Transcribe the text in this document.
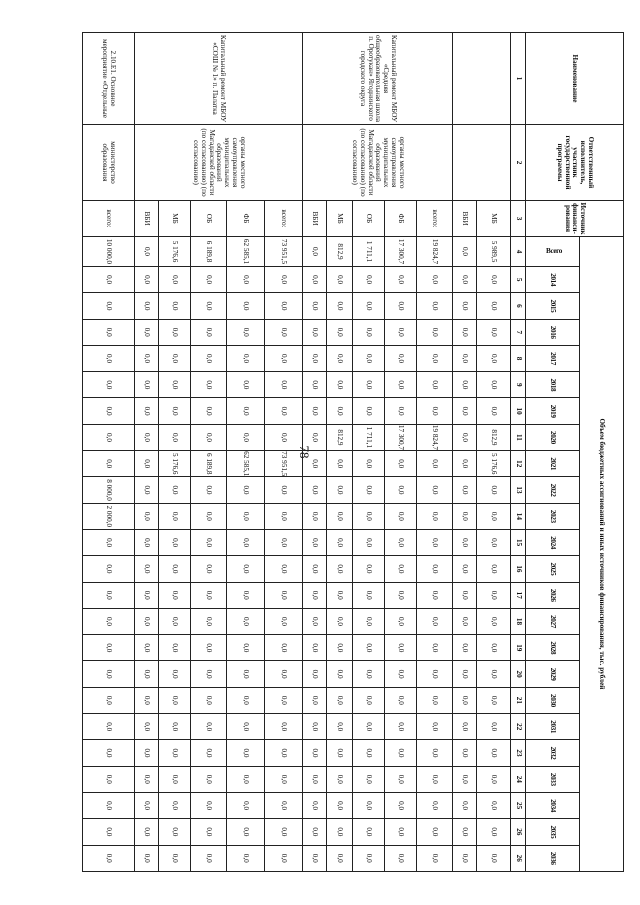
78
Наименование	Ответственный исполнитель, участник государственной программы	Источник финанси-рования	Объем бюджетных ассигнований и иных источников финансирования, тыс. рублей																							
			Всего	2014	2015	2016	2017	2018	2019	2020	2021	2022	2023	2024	2025	2026	2027	2028	2029	2030	2031	2032	2033	2034	2035	2036
1	2	3	4	5	6	7	8	9	10	11	12	13	14	15	16	17	18	19	20	21	22	23	24	25	26	26
		МБ	5 989,5	0,0	0,0	0,0	0,0	0,0	0,0	812,9	5 176,6	0,0	0,0	0,0	0,0	0,0	0,0	0,0	0,0	0,0	0,0	0,0	0,0	0,0	0,0	0,0
		ВБИ	0,0	0,0	0,0	0,0	0,0	0,0	0,0	0,0	0,0	0,0	0,0	0,0	0,0	0,0	0,0	0,0	0,0	0,0	0,0	0,0	0,0	0,0	0,0	0,0
Капитальный ремонт МБОУ «Средняя общеобразовательная школа п. Оротукан» Ягоднинского городского округа	органы местного самоуправления муниципальных образований Магаданской области (по согласованию) (по согласованию)	всего:	19 824,7	0,0	0,0	0,0	0,0	0,0	0,0	19 824,7	0,0	0,0	0,0	0,0	0,0	0,0	0,0	0,0	0,0	0,0	0,0	0,0	0,0	0,0	0,0	0,0
		ФБ	17 300,7	0,0	0,0	0,0	0,0	0,0	0,0	17 300,7	0,0	0,0	0,0	0,0	0,0	0,0	0,0	0,0	0,0	0,0	0,0	0,0	0,0	0,0	0,0	0,0
		ОБ	1 711,1	0,0	0,0	0,0	0,0	0,0	0,0	1 711,1	0,0	0,0	0,0	0,0	0,0	0,0	0,0	0,0	0,0	0,0	0,0	0,0	0,0	0,0	0,0	0,0
		МБ	812,9	0,0	0,0	0,0	0,0	0,0	0,0	812,9	0,0	0,0	0,0	0,0	0,0	0,0	0,0	0,0	0,0	0,0	0,0	0,0	0,0	0,0	0,0	0,0
		ВБИ	0,0	0,0	0,0	0,0	0,0	0,0	0,0	0,0	0,0	0,0	0,0	0,0	0,0	0,0	0,0	0,0	0,0	0,0	0,0	0,0	0,0	0,0	0,0	0,0
Капитальный ремонт МБОУ «СОШ № 1» п. Палатка	органы местного самоуправления муниципальных образований Магаданской области (по согласованию) (по согласованию)	всего:	73 951,5	0,0	0,0	0,0	0,0	0,0	0,0	0,0	73 951,5	0,0	0,0	0,0	0,0	0,0	0,0	0,0	0,0	0,0	0,0	0,0	0,0	0,0	0,0	0,0
		ФБ	62 585,1	0,0	0,0	0,0	0,0	0,0	0,0	0,0	62 585,1	0,0	0,0	0,0	0,0	0,0	0,0	0,0	0,0	0,0	0,0	0,0	0,0	0,0	0,0	0,0
		ОБ	6 189,8	0,0	0,0	0,0	0,0	0,0	0,0	0,0	6 189,8	0,0	0,0	0,0	0,0	0,0	0,0	0,0	0,0	0,0	0,0	0,0	0,0	0,0	0,0	0,0
		МБ	5 176,6	0,0	0,0	0,0	0,0	0,0	0,0	0,0	5 176,6	0,0	0,0	0,0	0,0	0,0	0,0	0,0	0,0	0,0	0,0	0,0	0,0	0,0	0,0	0,0
		ВБИ	0,0	0,0	0,0	0,0	0,0	0,0	0,0	0,0	0,0	0,0	0,0	0,0	0,0	0,0	0,0	0,0	0,0	0,0	0,0	0,0	0,0	0,0	0,0	0,0
2.10.Е1. Основное мероприятие «Отдельные	министерство образования	всего:	10 000,0	0,0	0,0	0,0	0,0	0,0	0,0	0,0	0,0	8 000,0	2 000,0	0,0	0,0	0,0	0,0	0,0	0,0	0,0	0,0	0,0	0,0	0,0	0,0	0,0
